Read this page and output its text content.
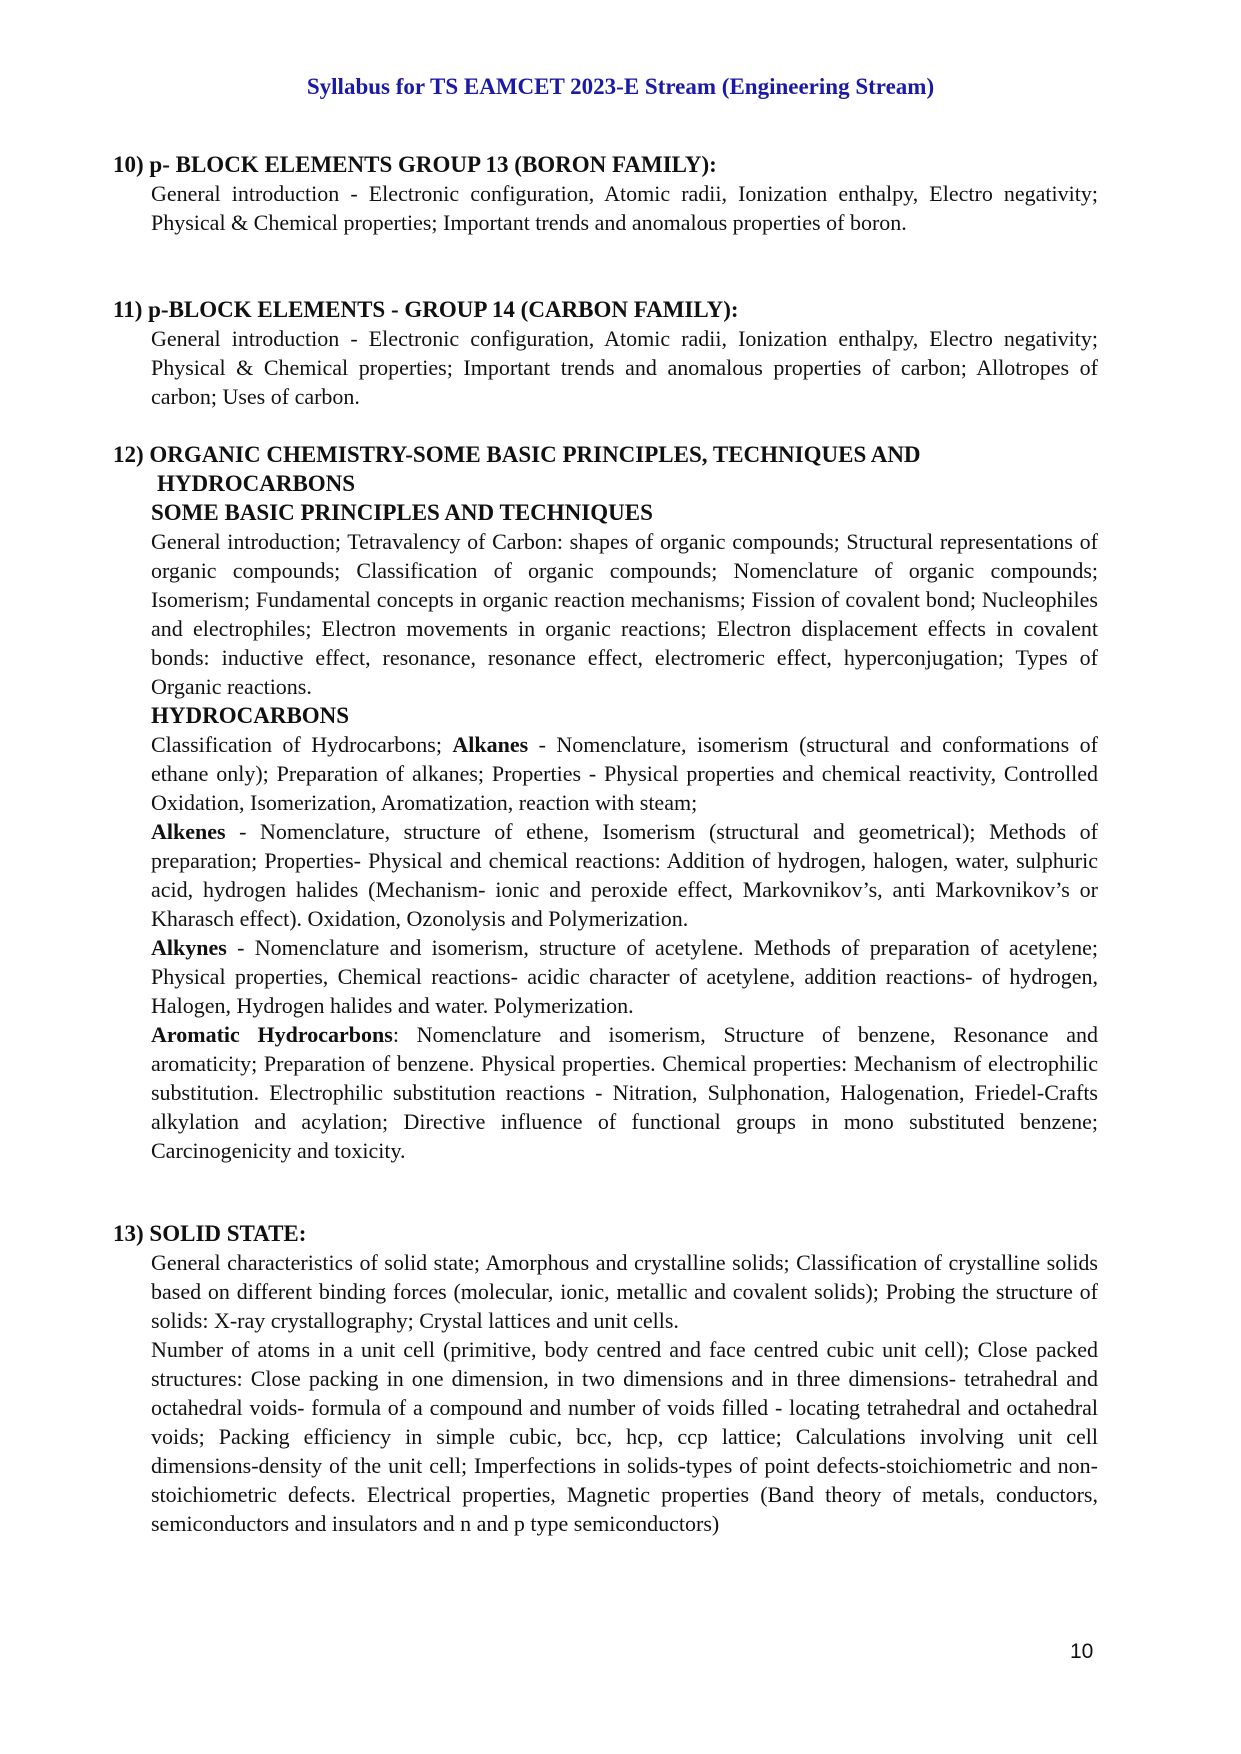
Syllabus for TS EAMCET 2023-E Stream (Engineering Stream)

10) p- BLOCK ELEMENTS GROUP 13 (BORON FAMILY):

General introduction - Electronic configuration, Atomic radii, Ionization enthalpy, Electro negativity; Physical & Chemical properties; Important trends and anomalous properties of boron.

11) p-BLOCK ELEMENTS - GROUP 14 (CARBON FAMILY):

General introduction - Electronic configuration, Atomic radii, Ionization enthalpy, Electro negativity; Physical & Chemical properties; Important trends and anomalous properties of carbon; Allotropes of carbon; Uses of carbon.

12) ORGANIC CHEMISTRY-SOME BASIC PRINCIPLES, TECHNIQUES AND

HYDROCARBONS

SOME BASIC PRINCIPLES AND TECHNIQUES

General introduction; Tetravalency of Carbon: shapes of organic compounds; Structural representations of organic compounds; Classification of organic compounds; Nomenclature of organic compounds; Isomerism; Fundamental concepts in organic reaction mechanisms; Fission of covalent bond; Nucleophiles and electrophiles; Electron movements in organic reactions; Electron displacement effects in covalent bonds: inductive effect, resonance, resonance effect, electromeric effect, hyperconjugation; Types of Organic reactions.

HYDROCARBONS

Classification of Hydrocarbons; Alkanes - Nomenclature, isomerism (structural and conformations of ethane only); Preparation of alkanes; Properties - Physical properties and chemical reactivity, Controlled Oxidation, Isomerization, Aromatization, reaction with steam;

Alkenes - Nomenclature, structure of ethene, Isomerism (structural and geometrical); Methods of preparation; Properties- Physical and chemical reactions: Addition of hydrogen, halogen, water, sulphuric acid, hydrogen halides (Mechanism- ionic and peroxide effect, Markovnikov’s, anti Markovnikov’s or Kharasch effect). Oxidation, Ozonolysis and Polymerization.

Alkynes - Nomenclature and isomerism, structure of acetylene. Methods of preparation of acetylene; Physical properties, Chemical reactions- acidic character of acetylene, addition reactions- of hydrogen, Halogen, Hydrogen halides and water. Polymerization.

Aromatic Hydrocarbons: Nomenclature and isomerism, Structure of benzene, Resonance and aromaticity; Preparation of benzene. Physical properties. Chemical properties: Mechanism of electrophilic substitution. Electrophilic substitution reactions - Nitration, Sulphonation, Halogenation, Friedel-Crafts alkylation and acylation; Directive influence of functional groups in mono substituted benzene; Carcinogenicity and toxicity.

13) SOLID STATE:

General characteristics of solid state; Amorphous and crystalline solids; Classification of crystalline solids based on different binding forces (molecular, ionic, metallic and covalent solids); Probing the structure of solids: X-ray crystallography; Crystal lattices and unit cells.

Number of atoms in a unit cell (primitive, body centred and face centred cubic unit cell); Close packed structures: Close packing in one dimension, in two dimensions and in three dimensions- tetrahedral and octahedral voids- formula of a compound and number of voids filled - locating tetrahedral and octahedral voids; Packing efficiency in simple cubic, bcc, hcp, ccp lattice; Calculations involving unit cell dimensions-density of the unit cell; Imperfections in solids-types of point defects-stoichiometric and non-stoichiometric defects. Electrical properties, Magnetic properties (Band theory of metals, conductors, semiconductors and insulators and n and p type semiconductors)

10
